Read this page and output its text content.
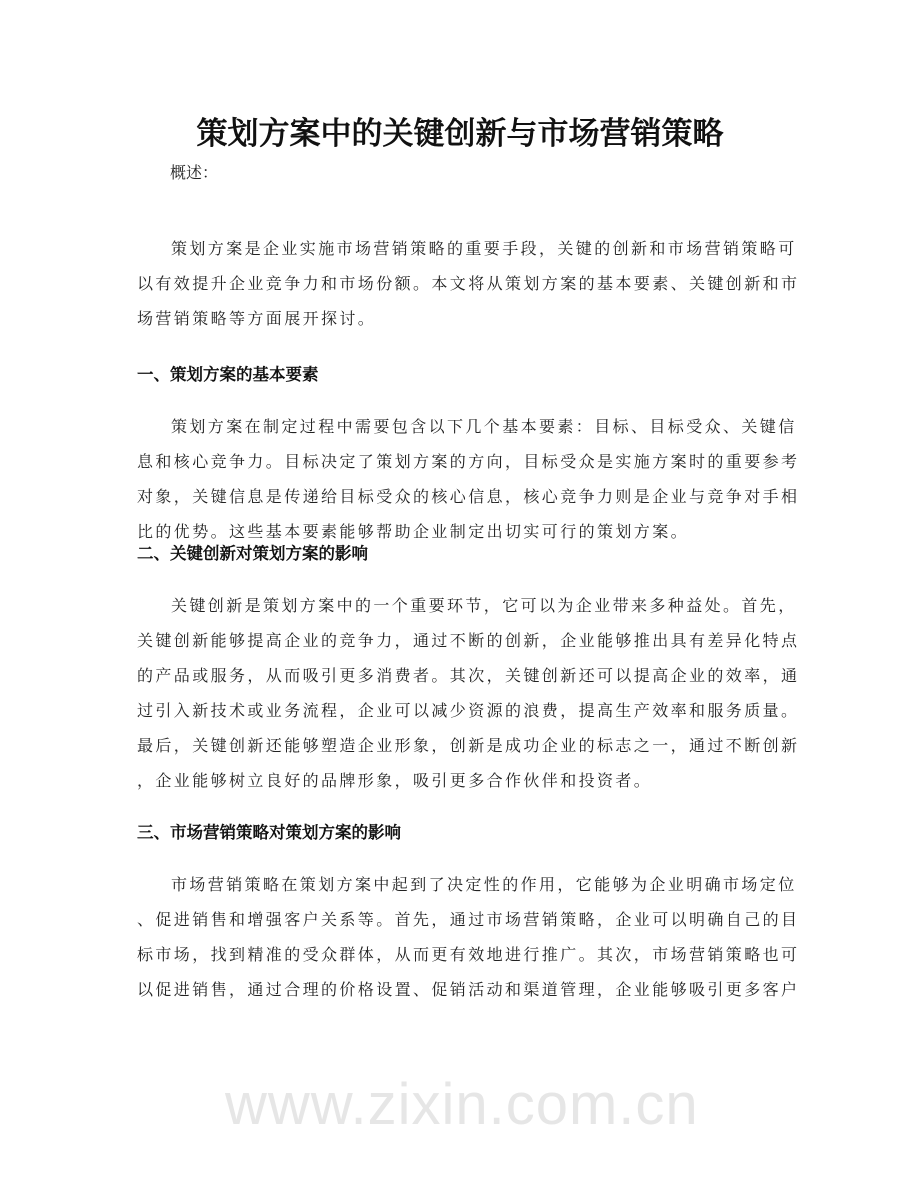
策划方案中的关键创新与市场营销策略
概述：
策划方案是企业实施市场营销策略的重要手段，关键的创新和市场营销策略可
以有效提升企业竞争力和市场份额。本文将从策划方案的基本要素、关键创新和市
场营销策略等方面展开探讨。
一、策划方案的基本要素
策划方案在制定过程中需要包含以下几个基本要素：目标、目标受众、关键信
息和核心竞争力。目标决定了策划方案的方向，目标受众是实施方案时的重要参考
对象，关键信息是传递给目标受众的核心信息，核心竞争力则是企业与竞争对手相
比的优势。这些基本要素能够帮助企业制定出切实可行的策划方案。
二、关键创新对策划方案的影响
关键创新是策划方案中的一个重要环节，它可以为企业带来多种益处。首先，
关键创新能够提高企业的竞争力，通过不断的创新，企业能够推出具有差异化特点
的产品或服务，从而吸引更多消费者。其次，关键创新还可以提高企业的效率，通
过引入新技术或业务流程，企业可以减少资源的浪费，提高生产效率和服务质量。
最后，关键创新还能够塑造企业形象，创新是成功企业的标志之一，通过不断创新
，企业能够树立良好的品牌形象，吸引更多合作伙伴和投资者。
三、市场营销策略对策划方案的影响
市场营销策略在策划方案中起到了决定性的作用，它能够为企业明确市场定位
、促进销售和增强客户关系等。首先，通过市场营销策略，企业可以明确自己的目
标市场，找到精准的受众群体，从而更有效地进行推广。其次，市场营销策略也可
以促进销售，通过合理的价格设置、促销活动和渠道管理，企业能够吸引更多客户
www.zixin.com.cn
